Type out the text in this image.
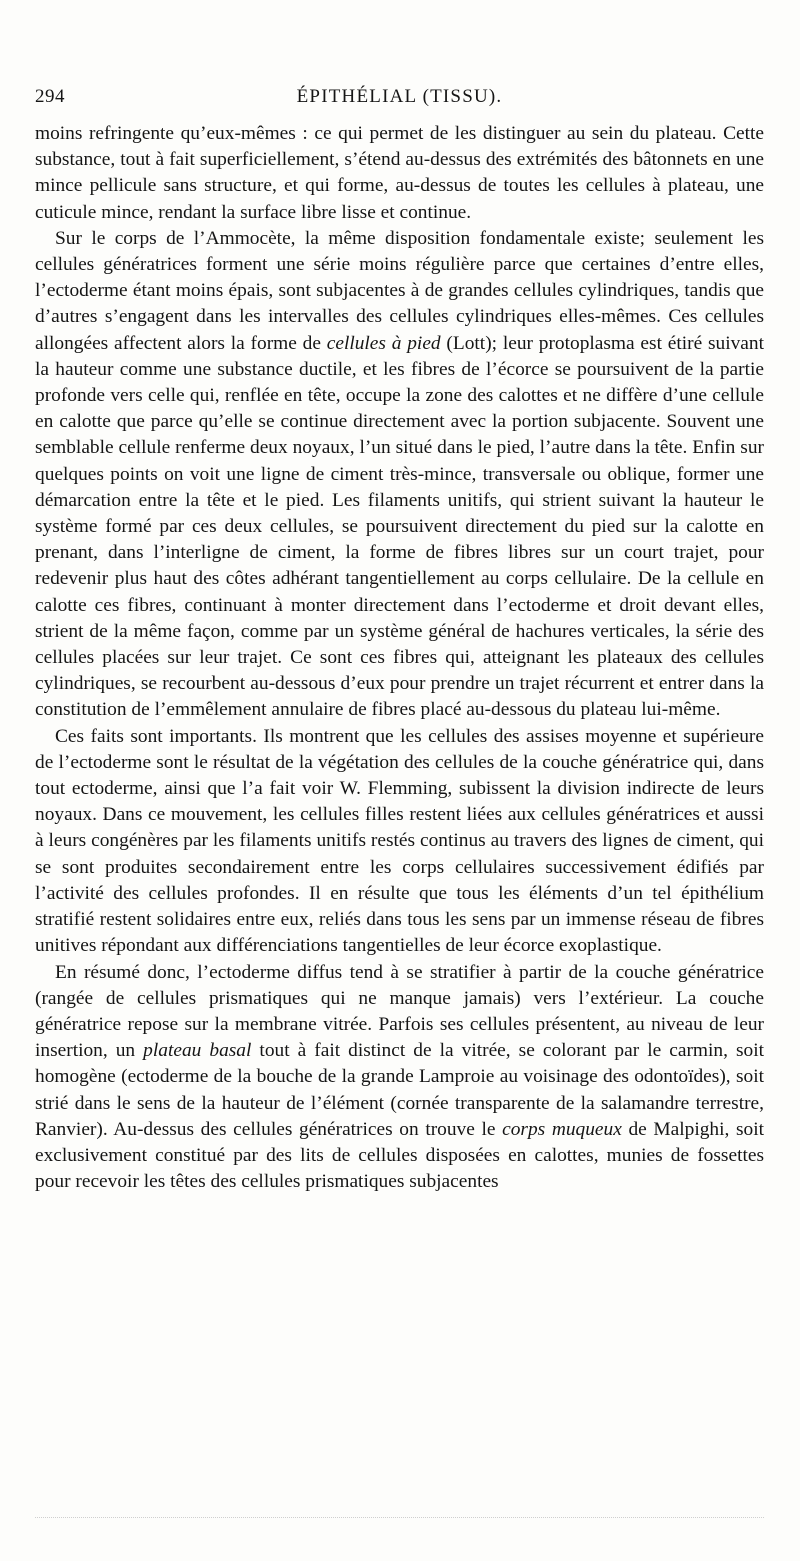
294	ÉPITHÉLIAL (TISSU).

moins refringente qu’eux-mêmes : ce qui permet de les distinguer au sein du plateau. Cette substance, tout à fait superficiellement, s’étend au-dessus des extrémités des bâtonnets en une mince pellicule sans structure, et qui forme, au-dessus de toutes les cellules à plateau, une cuticule mince, rendant la surface libre lisse et continue.

Sur le corps de l’Ammocète, la même disposition fondamentale existe; seulement les cellules génératrices forment une série moins régulière parce que certaines d’entre elles, l’ectoderme étant moins épais, sont subjacentes à de grandes cellules cylindriques, tandis que d’autres s’engagent dans les intervalles des cellules cylindriques elles-mêmes. Ces cellules allongées affectent alors la forme de cellules à pied (Lott); leur protoplasma est étiré suivant la hauteur comme une substance ductile, et les fibres de l’écorce se poursuivent de la partie profonde vers celle qui, renflée en tête, occupe la zone des calottes et ne diffère d’une cellule en calotte que parce qu’elle se continue directement avec la portion subjacente. Souvent une semblable cellule renferme deux noyaux, l’un situé dans le pied, l’autre dans la tête. Enfin sur quelques points on voit une ligne de ciment très-mince, transversale ou oblique, former une démarcation entre la tête et le pied. Les filaments unitifs, qui strient suivant la hauteur le système formé par ces deux cellules, se poursuivent directement du pied sur la calotte en prenant, dans l’interligne de ciment, la forme de fibres libres sur un court trajet, pour redevenir plus haut des côtes adhérant tangentiellement au corps cellulaire. De la cellule en calotte ces fibres, continuant à monter directement dans l’ectoderme et droit devant elles, strient de la même façon, comme par un système général de hachures verticales, la série des cellules placées sur leur trajet. Ce sont ces fibres qui, atteignant les plateaux des cellules cylindriques, se recourbent au-dessous d’eux pour prendre un trajet récurrent et entrer dans la constitution de l’emmêlement annulaire de fibres placé au-dessous du plateau lui-même.

Ces faits sont importants. Ils montrent que les cellules des assises moyenne et supérieure de l’ectoderme sont le résultat de la végétation des cellules de la couche génératrice qui, dans tout ectoderme, ainsi que l’a fait voir W. Flemming, subissent la division indirecte de leurs noyaux. Dans ce mouvement, les cellules filles restent liées aux cellules génératrices et aussi à leurs congénères par les filaments unitifs restés continus au travers des lignes de ciment, qui se sont produites secondairement entre les corps cellulaires successivement édifiés par l’activité des cellules profondes. Il en résulte que tous les éléments d’un tel épithélium stratifié restent solidaires entre eux, reliés dans tous les sens par un immense réseau de fibres unitives répondant aux différenciations tangentielles de leur écorce exoplastique.

En résumé donc, l’ectoderme diffus tend à se stratifier à partir de la couche génératrice (rangée de cellules prismatiques qui ne manque jamais) vers l’extérieur. La couche génératrice repose sur la membrane vitrée. Parfois ses cellules présentent, au niveau de leur insertion, un plateau basal tout à fait distinct de la vitrée, se colorant par le carmin, soit homogène (ectoderme de la bouche de la grande Lamproie au voisinage des odontoïdes), soit strié dans le sens de la hauteur de l’élément (cornée transparente de la salamandre terrestre, Ranvier). Au-dessus des cellules génératrices on trouve le corps muqueux de Malpighi, soit exclusivement constitué par des lits de cellules disposées en calottes, munies de fossettes pour recevoir les têtes des cellules prismatiques subjacentes
